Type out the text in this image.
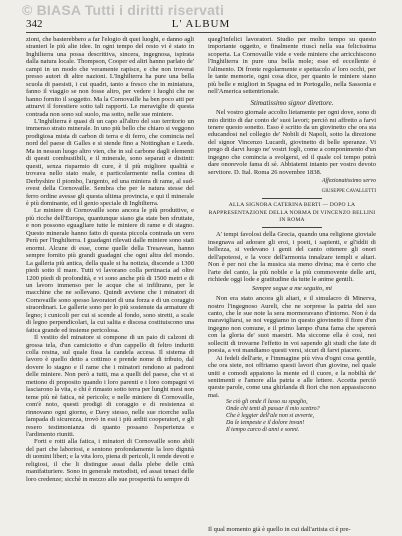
© BIASA Tutti i diritti riservati
342	L' ALBUM

zioni, che basterebbero a far l'elogio di quei luoghi, e danno agli stranieri le più alte idee. In ogni tempo del resto vi è stato in Inghilterra una possa descrittiva, sincera, ingegnosa, ispirata dalla natura locale. Thompson, Cooper ed altri hanno parlato de' campi in un modo che veramente rapisce, e che non troverai presso autori di altre nazioni. L'Inghilterra ha pure una bella scuola di paesisti, i cui quadri, tanto a fresco che in miniatura, fanno il viaggio se non fosse altro, per vedere i luoghi che ne hanno fornito il soggetto. Ma la Cornovaille ha ben poco atti per attrarvi il forestiere sotto tali rapporti. Le meraviglie di questa contrada non sono sul suolo, ma sotto, nelle sue miniere.

L'Inghilterra è quasi di un capo all'altro del suo territorio un immenso strato minerale. In uno più bello che chiaro si veggono prodigiosa mista di carbon di terra e di ferro, che comincia nel nord del paese di Galles e si stende fino a Nottinghan e Leeds. Ma in nessun luogo altro vien, che in sul carbone dagli elementi di questi combustibili, e il minerale, sono separati e distinti: questi, senza risparmio di cure, è il più migliore qualità e trovava nello stato reale, e particolarmente nella contea di Derbyshire il piombo, l'argento, ed una miniera di rame, al sud-ovest della Cornovaille. Sembra che per le natura stesse del ferro ordine avesse gli questa ultima provincia, e qui il minerale è più dominante, ed il genio speciale di Inghilterra.

Le miniere di Cornovaille sono ancora le più produttive, e più ricche dell'Europa, quantunque siano gia state ben sfruttate, e non possono eguagliare tutte le miniere di rame e di stagno. Questo minerale hanno fatto di questa piccola contrada un vero Perù per l'Inghilterra. I guadagni rilevati dalle miniere sono stati enormi. Alcune di esse, come quelle della Tresavean, hanno sempre fornito più grandi guadagni che ogni altra del mondo. La galleria più antica, della quale si ha notizia, discende a 1300 piedi sotto il mare. Tutti vi lavorano colla pertinacia ad oltre 1200 piedi di profondità, e vi sono anche più di 1500 metri e di un lavoro immenso per le acque che si infiltrano, per le macchine che ne sollevano. Quindi avviene che i minatori di Cornovaille sono spesso lavoratori di una forza e di un coraggio straordinari. Le gallerie sono per lo più sostenute da armature di legno; i cunicoli per cui si scende al fondo, sono stretti, a scale di legno perpendicolari, la cui salita e discesa costituiscono una fatica grande ed insieme pericolosa.

Il vestito del minatore si compone di un paio di calzoni di grossa tela, d'un camiciotto e d'un cappello di feltro induriti colla resina, sul quale fissa la candela accesa. Il sistema di lavoro è quello detto a cottimo e prende nome di tributo, dal dovere lo stagno e il rame che i minatori rendono ai padroni delle miniere. Non però a tutti, ma a quelli del paese, che vi si mettono di proposito quando i loro parenti e i loro compagni vi lasciarono la vita, e chi è rimasto sotto terra per lunghi mesi non teme più nè fatica, nè pericolo; e nelle miniere di Cornovaille, com'è noto, questi prodigi di coraggio e di resistenza si rinnovano ogni giorno, e Davy stesso, nelle sue ricerche sulla lampada di sicurezza, trovò in essi i più arditi cooperatori, e gli resero testimonianza di quanto possano l'esperienza e l'ardimento riuniti.

Forti e rotti alla fatica, i minatori di Cornovaille sono abili del pari che laboriosi, e sentono profondamente la loro dignità di uomini liberi; e la vita loro, piena di pericoli, li rende devoti e religiosi, il che li distingue assai dalla plebe delle città manifatturiere. Sono in generale metodisti, ed assai tenaci delle loro credenze; sicchè in mezzo alle sue prosperità fu sempre di

quegl'infelici lavoratori. Studio per molto tempo su questo importante oggetto, e finalmente riuscì nella sua felicissima scoperta. La Cornovaille vide e vede miniere che arricchiscono l'Inghilterra in pure una bella mole; esse ed eccellente è l'alimento. Di fronte regolarmente e spettacolo a' loro occhi, per le tante memorie, ogni cosa dice, per quanto le miniere siano più belle e migliori in Spagna ed in Portogallo, nella Sassonia e nell'America settentrionale.

Stimatissimo signor direttore.

Nel vostro giornale accolto lietamente per ogni dove, sono di mio diritto di dar conto de' suoi lavori; perciò mi affretto a farvi tenere questo sonetto. Esso è scritto da un giovinetto che ora sta educandosi nel collegio de' Nobili di Napoli, sotto la direzione del signor Vincenzo Lucardi, giovinetto di belle speranze. Vi prego di darvi luogo ne' vostri fogli, come a componimento d'un ingegno che comincia a svolgersi, ed il quale col tempo potrà dare onorevole fama di sè. Abbiatemi intanto per vostro devoto servitore. D. Ital. Roma 26 novembre 1838.

Affezionatissimo servo
GIUSEPPE CAVALLETTI
ALLA SIGNORA CATERINA BERTI — DOPO LA RAPPRESENTAZIONE DELLA NORMA DI VINCENZO BELLINI IN ROMA

A' tempi favolosi della Grecia, quando una religione gioviale insegnava ad adorare gli eroi, i poeti, i sapienti, e gl'iddii di bellezza, si vedevano i genii del canto ottenere gli onori dell'apoteosi, e la voce dell'armonia innalzare templi e altari. Non è per noi che la musica sia meno divina; ma è certo che l'arte del canto, la più nobile e la più commovente delle arti, richiede oggi lode e gratitudine da tutte le anime gentili.

Sempre segue a me seguito, mi

Non era stato ancora gli altari, e il simulacro di Minerva, nostro l'ingegnoso Aureli, che ne sorprese la patria del suo canto, che le sue note la sera mormoravano d'intorno. Non è da maravigliarsi, se noi veggiamo in questo giovinetto il fiore d'un ingegno non comune, e il primo lampo d'una fama che spererà con la gloria de' suoi maestri. Ma siccome ella è così, noi solleciti di trovarne l'effetto in voi sapendo gli studi che fate di poesia, a voi mandiamo questi versi, sicuri di farvi piacere.

Ai fedeli dell'arte, e l'immagine più viva d'ogni cosa gentile, che ora siete, noi offriamo questi lavori d'un giovine, nel quale uniti e comodi appaiono la mente ed il cuore, e la nobiltà de' sentimenti e l'amore alla patria e alle lettere. Accetta perciò queste parole, come una ghirlanda di fiori che non appassiscono mai.

Se ciò gli onde il lusso su spaglio,
Onde chi tenti di passar il mio scettro?
Che è leggier dell'ale non si avverte,
Da le tempeste e il dolore invan!
Il tempo carco di anni e sonni.
Il qual momento già è quello in cui dall'artista ci è pre-
